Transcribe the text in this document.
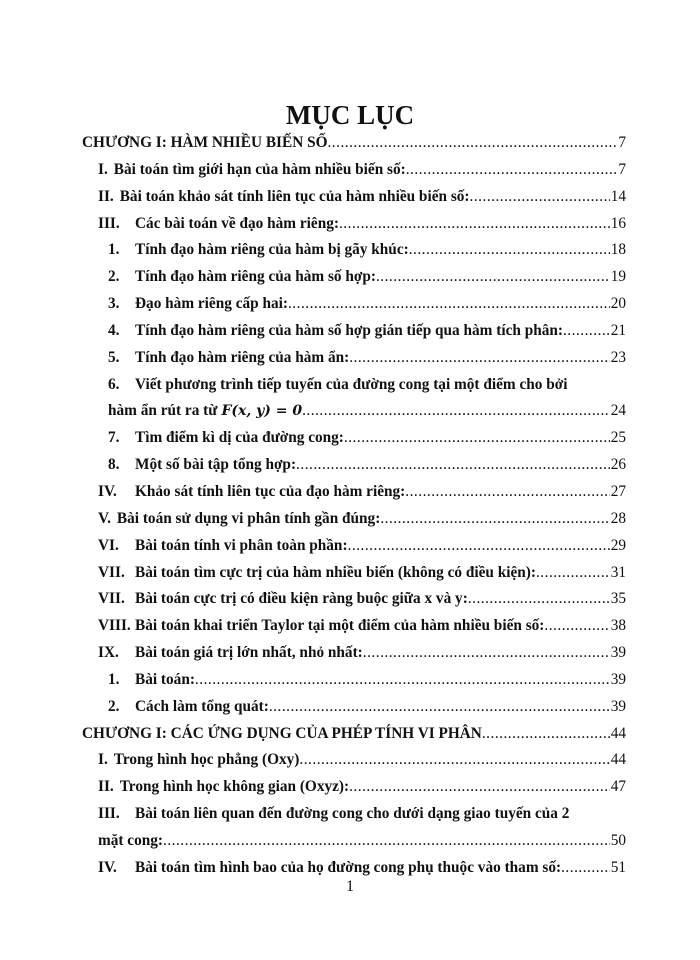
MỤC LỤC
CHƯƠNG I: HÀM NHIỀU BIẾN SỐ .....	7
I. Bài toán tìm giới hạn của hàm nhiều biến số: .....	7
II. Bài toán khảo sát tính liên tục của hàm nhiều biến số: .....	14
III.	Các bài toán về đạo hàm riêng: .....	16
1.	Tính đạo hàm riêng của hàm bị gãy khúc: .....	18
2.	Tính đạo hàm riêng của hàm số hợp: .....	19
3.	Đạo hàm riêng cấp hai: .....	20
4.	Tính đạo hàm riêng của hàm số hợp gián tiếp qua hàm tích phân: .....	21
5.	Tính đạo hàm riêng của hàm ẩn: .....	23
6.	Viết phương trình tiếp tuyến của đường cong tại một điểm cho bởi
hàm ẩn rút ra từ F(x, y) = 0 .....	24
7.	Tìm điểm kì dị của đường cong: .....	25
8.	Một số bài tập tổng hợp: .....	26
IV.	Khảo sát tính liên tục của đạo hàm riêng: .....	27
V. Bài toán sử dụng vi phân tính gần đúng: .....	28
VI.	Bài toán tính vi phân toàn phần: .....	29
VII. Bài toán tìm cực trị của hàm nhiều biến (không có điều kiện): .....	31
VII. Bài toán cực trị có điều kiện ràng buộc giữa x và y: .....	35
VIII. Bài toán khai triển Taylor tại một điểm của hàm nhiều biến số: .....	38
IX.	Bài toán giá trị lớn nhất, nhỏ nhất: .....	39
1.	Bài toán: .....	39
2.	Cách làm tổng quát: .....	39
CHƯƠNG I: CÁC ỨNG DỤNG CỦA PHÉP TÍNH VI PHÂN .....	44
I. Trong hình học phẳng (Oxy) .....	44
II. Trong hình học không gian (Oxyz): .....	47
III.	Bài toán liên quan đến đường cong cho dưới dạng giao tuyến của 2
mặt cong: .....	50
IV.	Bài toán tìm hình bao của họ đường cong phụ thuộc vào tham số: .....	51
1
